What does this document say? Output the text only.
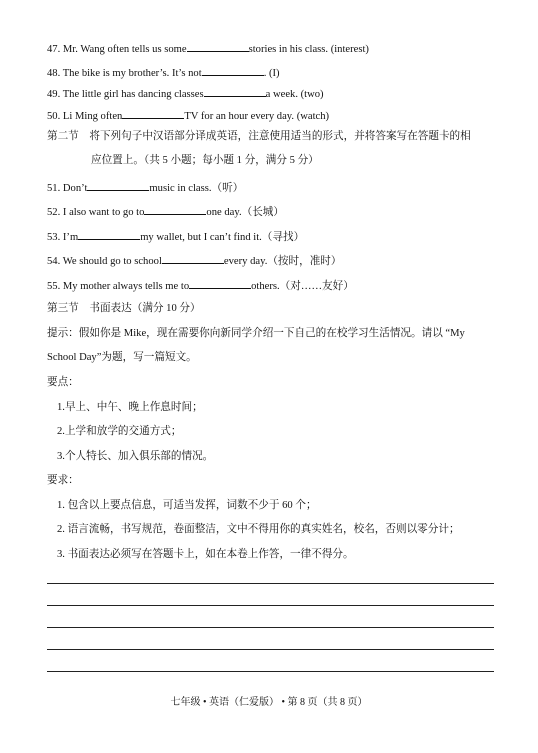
47. Mr. Wang often tells us some	stories in his class. (interest)
48. The bike is my brother’s. It’s not	. (I)
49. The little girl has dancing classes	a week. (two)
50. Li Ming often	TV for an hour every day. (watch)
第二节　将下列句子中汉语部分译成英语，注意使用适当的形式，并将答案写在答题卡的相
应位置上。（共 5 小题；每小题 1 分，满分 5 分）
51. Don’t	music in class.（听）
52. I also want to go to	one day.（长城）
53. I’m	my wallet, but I can’t find it.（寻找）
54. We should go to school	every day.（按时，准时）
55. My mother always tells me to	others.（对……友好）
第三节　书面表达（满分 10 分）
提示：假如你是 Mike，现在需要你向新同学介绍一下自己的在校学习生活情况。请以 “My
School Day”为题，写一篇短文。
要点：
1.早上、中午、晚上作息时间；
2.上学和放学的交通方式；
3.个人特长、加入俱乐部的情况。
要求：
1. 包含以上要点信息，可适当发挥，词数不少于 60 个；
2. 语言流畅，书写规范，卷面整洁，文中不得用你的真实姓名，校名，否则以零分计；
3. 书面表达必须写在答题卡上，如在本卷上作答，一律不得分。
七年级 • 英语（仁爱版） • 第 8 页（共 8 页）
